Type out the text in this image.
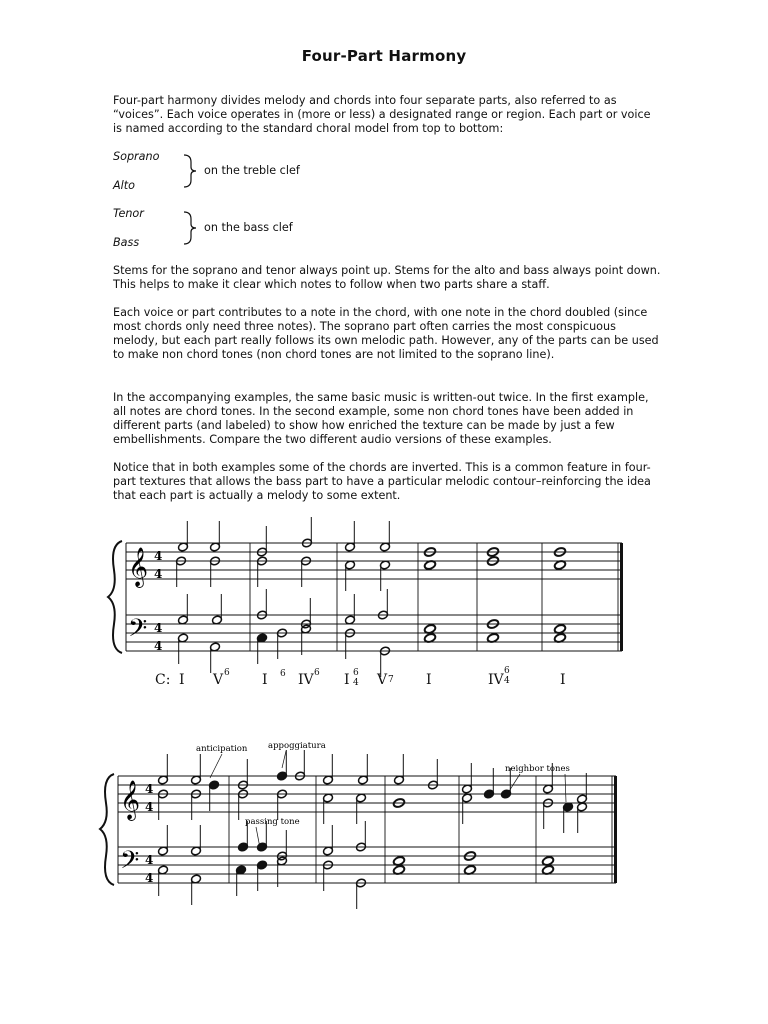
Four-Part Harmony

Four-part harmony divides melody and chords into four separate parts, also referred to as “voices”. Each voice operates in (more or less) a designated range or region. Each part or voice is named according to the standard choral model from top to bottom:

Soprano
Alto
on the treble clef
Tenor
Bass
on the bass clef

Stems for the soprano and tenor always point up. Stems for the alto and bass always point down. This helps to make it clear which notes to follow when two parts share a staff.

Each voice or part contributes to a note in the chord, with one note in the chord doubled (since most chords only need three notes). The soprano part often carries the most conspicuous melody, but each part really follows its own melodic path. However, any of the parts can be used to make non chord tones (non chord tones are not limited to the soprano line).

In the accompanying examples, the same basic music is written-out twice. In the first example, all notes are chord tones. In the second example, some non chord tones have been added in different parts (and labeled) to show how enriched the texture can be made by just a few embellishments. Compare the two different audio versions of these examples.

Notice that in both examples some of the chords are inverted. This is a common feature in four-part textures that allows the bass part to have a particular melodic contour–reinforcing the idea that each part is actually a melody to some extent.

𝄞
𝄢
4
4
4
4
C: I V 6 I 6 IV 6 I 6
4 V 7 I	IV
6
4	I
𝄞
𝄢
4
4
4
4
anticipation appoggiatura
passing tone
neighbor tones
